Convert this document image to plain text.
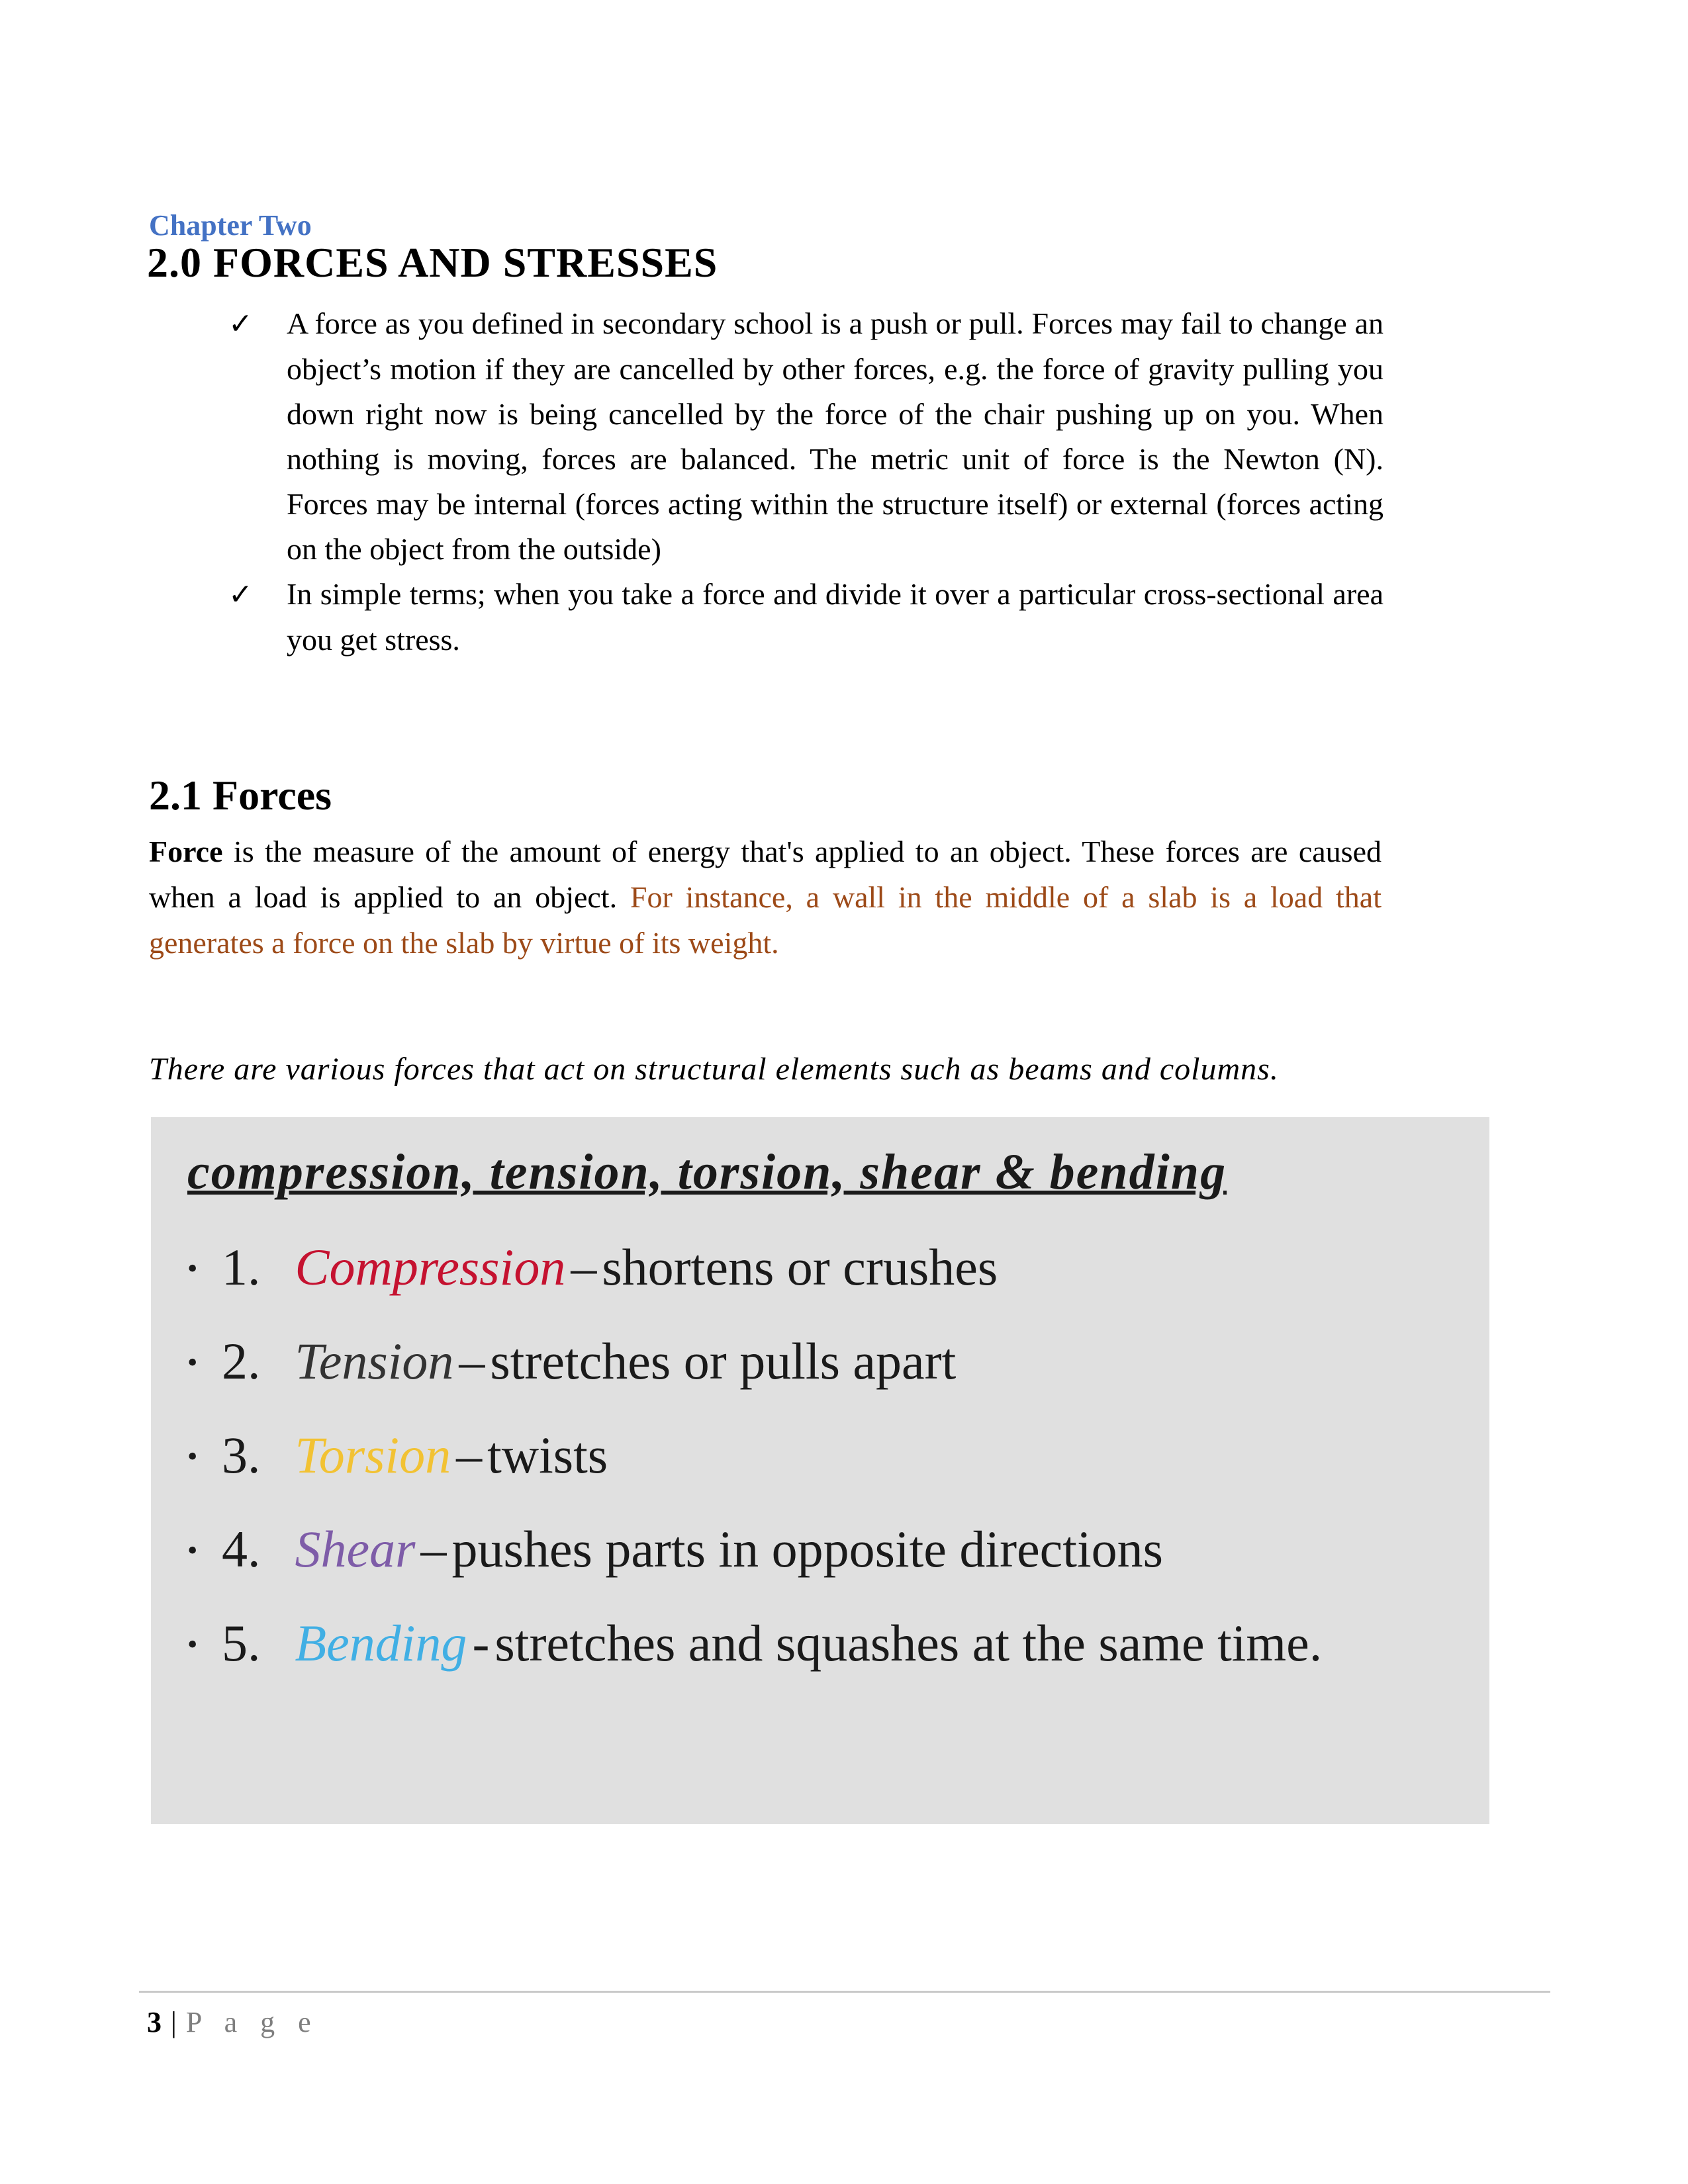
Chapter Two
2.0 FORCES AND STRESSES
✓ A force as you defined in secondary school is a push or pull. Forces may fail to change an object’s motion if they are cancelled by other forces, e.g. the force of gravity pulling you down right now is being cancelled by the force of the chair pushing up on you. When nothing is moving, forces are balanced. The metric unit of force is the Newton (N). Forces may be internal (forces acting within the structure itself) or external (forces acting on the object from the outside)
✓ In simple terms; when you take a force and divide it over a particular cross-sectional area you get stress.
2.1 Forces

Force is the measure of the amount of energy that's applied to an object. These forces are caused when a load is applied to an object. For instance, a wall in the middle of a slab is a load that generates a force on the slab by virtue of its weight.

There are various forces that act on structural elements such as beams and columns.

compression, tension, torsion, shear & bending
• 1. Compression – shortens or crushes
• 2. Tension – stretches or pulls apart
• 3. Torsion – twists
• 4. Shear – pushes parts in opposite directions
• 5. Bending - stretches and squashes at the same time.
3 | P a g e
